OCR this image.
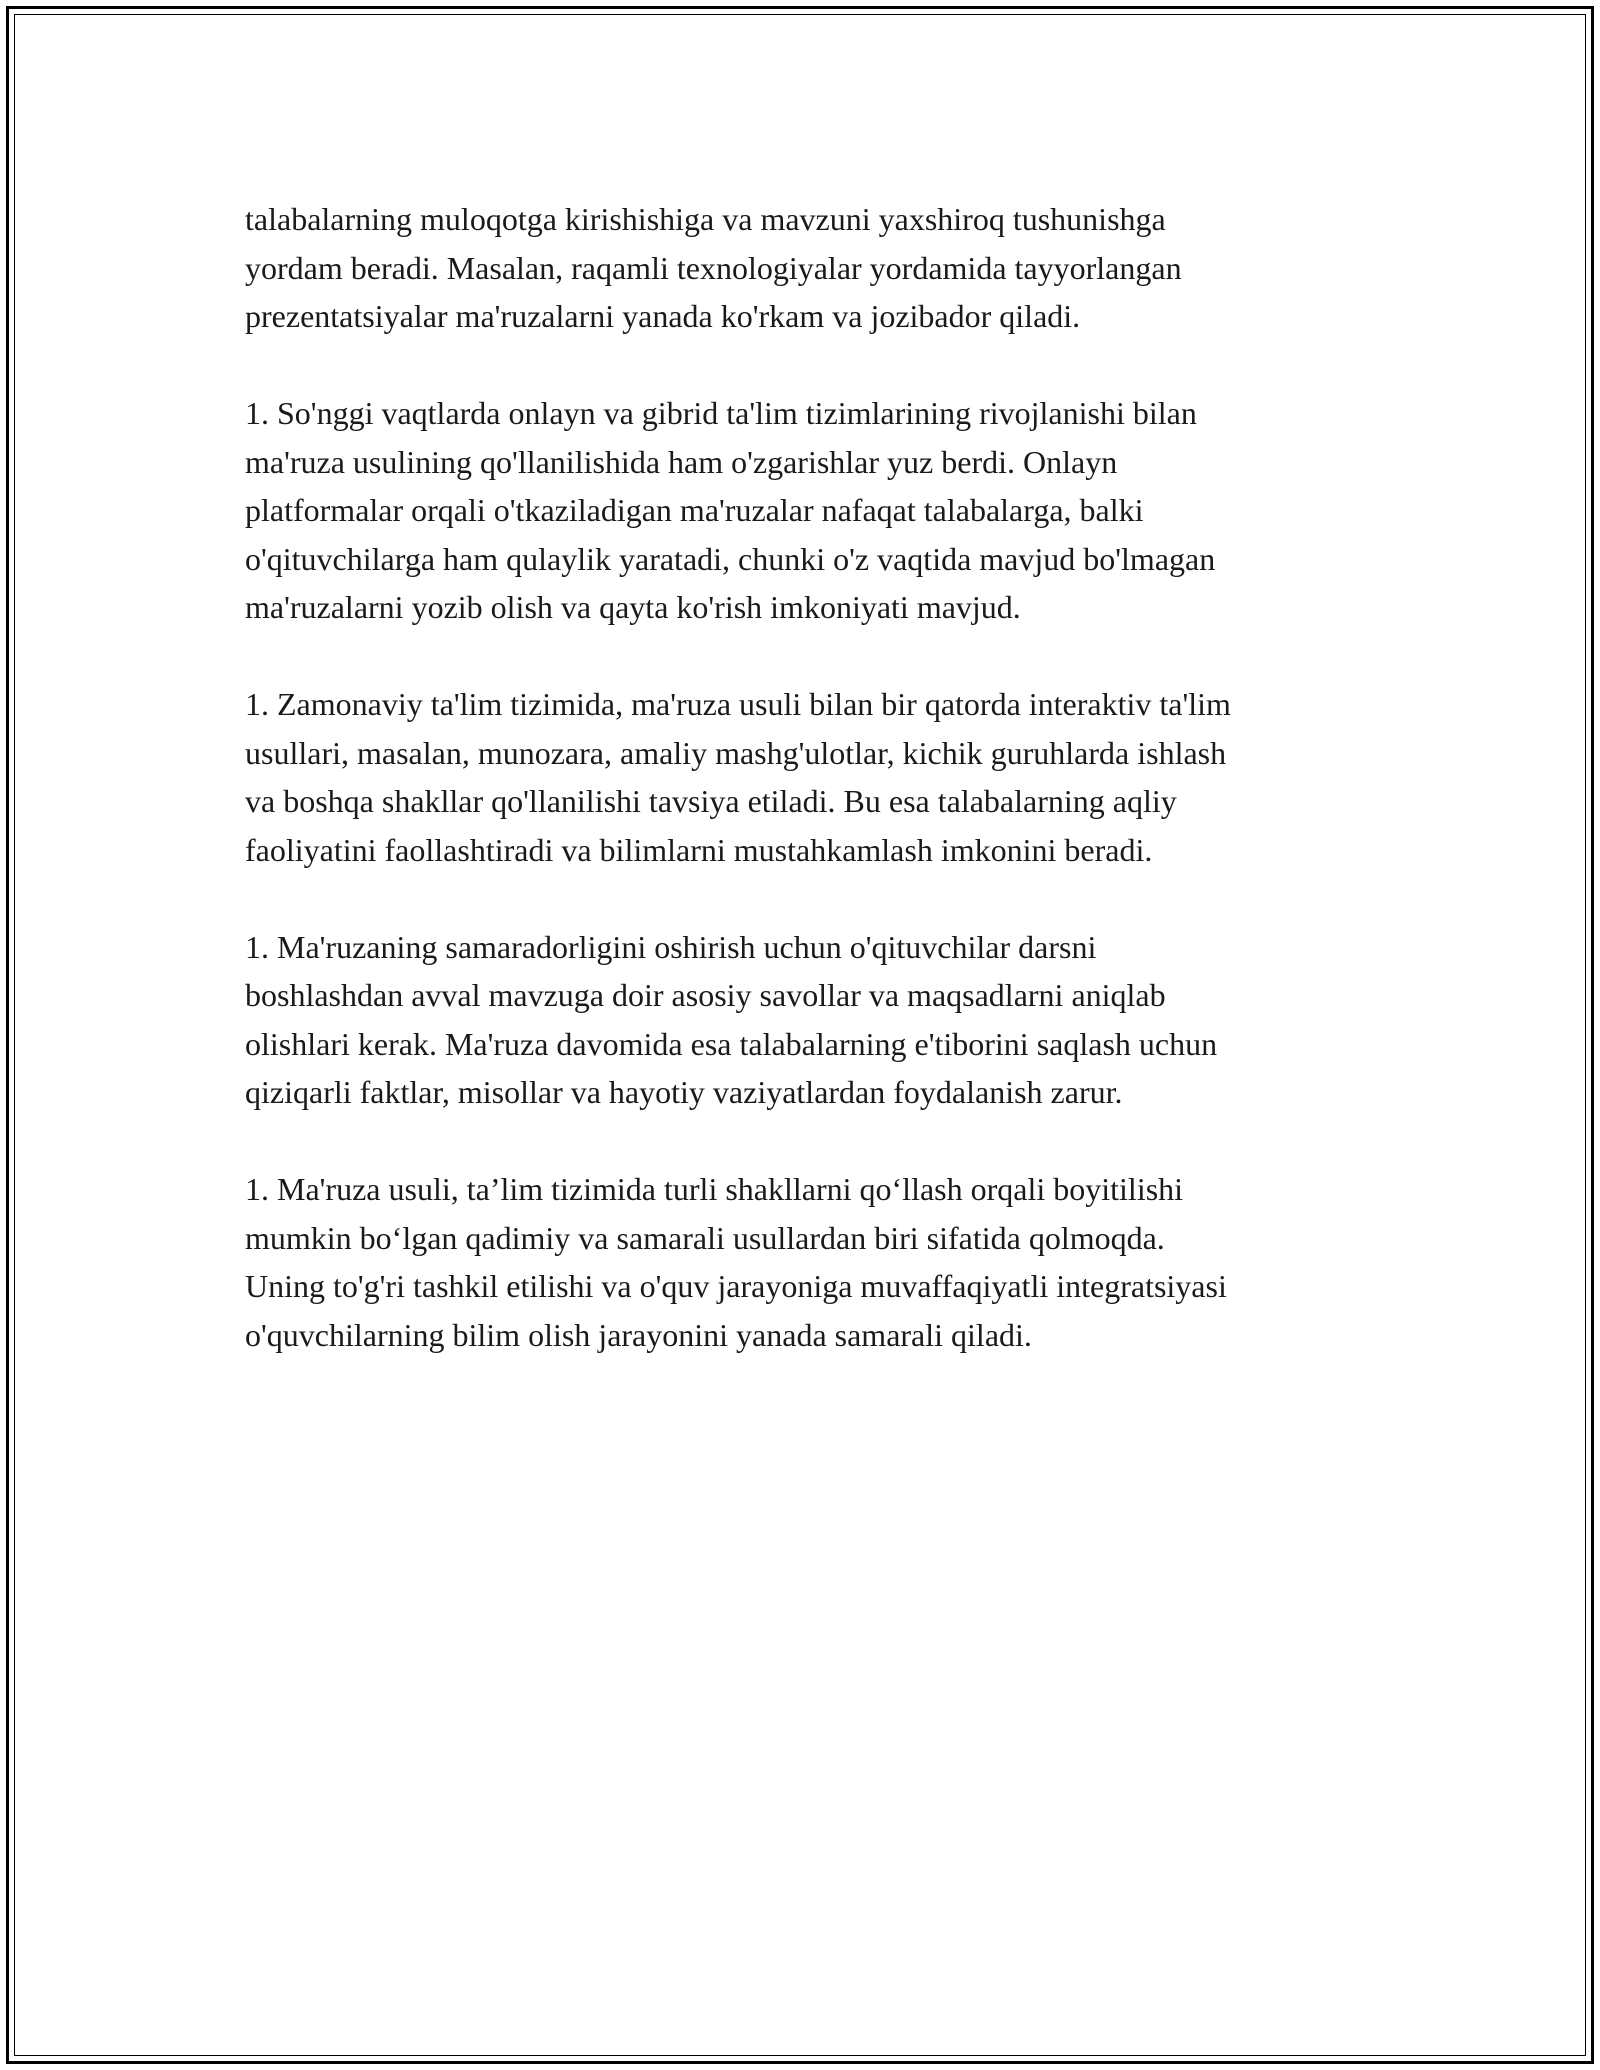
talabalarning muloqotga kirishishiga va mavzuni yaxshiroq tushunishga
yordam beradi. Masalan, raqamli texnologiyalar yordamida tayyorlangan
prezentatsiyalar ma'ruzalarni yanada ko'rkam va jozibador qiladi.

1. So'nggi vaqtlarda onlayn va gibrid ta'lim tizimlarining rivojlanishi bilan
ma'ruza usulining qo'llanilishida ham o'zgarishlar yuz berdi. Onlayn
platformalar orqali o'tkaziladigan ma'ruzalar nafaqat talabalarga, balki
o'qituvchilarga ham qulaylik yaratadi, chunki o'z vaqtida mavjud bo'lmagan
ma'ruzalarni yozib olish va qayta ko'rish imkoniyati mavjud.

1. Zamonaviy ta'lim tizimida, ma'ruza usuli bilan bir qatorda interaktiv ta'lim
usullari, masalan, munozara, amaliy mashg'ulotlar, kichik guruhlarda ishlash
va boshqa shakllar qo'llanilishi tavsiya etiladi. Bu esa talabalarning aqliy
faoliyatini faollashtiradi va bilimlarni mustahkamlash imkonini beradi.

1. Ma'ruzaning samaradorligini oshirish uchun o'qituvchilar darsni
boshlashdan avval mavzuga doir asosiy savollar va maqsadlarni aniqlab
olishlari kerak. Ma'ruza davomida esa talabalarning e'tiborini saqlash uchun
qiziqarli faktlar, misollar va hayotiy vaziyatlardan foydalanish zarur.

1. Ma'ruza usuli, ta’lim tizimida turli shakllarni qo‘llash orqali boyitilishi
mumkin bo‘lgan qadimiy va samarali usullardan biri sifatida qolmoqda.
Uning to'g'ri tashkil etilishi va o'quv jarayoniga muvaffaqiyatli integratsiyasi
o'quvchilarning bilim olish jarayonini yanada samarali qiladi.
